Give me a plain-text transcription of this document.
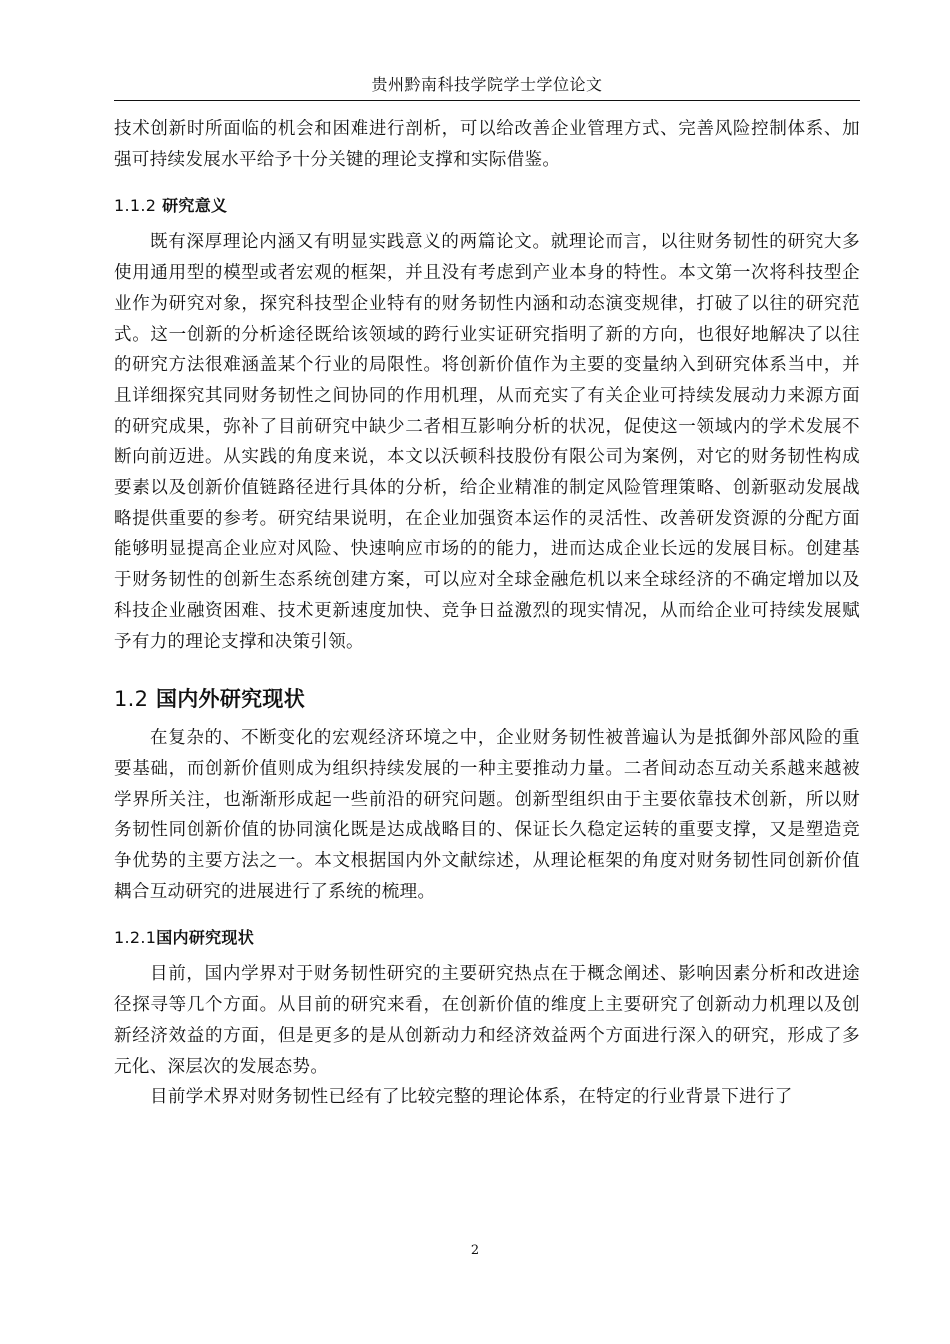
贵州黔南科技学院学士学位论文

技术创新时所面临的机会和困难进行剖析，可以给改善企业管理方式、完善风险控制体系、加强可持续发展水平给予十分关键的理论支撑和实际借鉴。

1.1.2 研究意义

既有深厚理论内涵又有明显实践意义的两篇论文。就理论而言，以往财务韧性的研究大多使用通用型的模型或者宏观的框架，并且没有考虑到产业本身的特性。本文第一次将科技型企业作为研究对象，探究科技型企业特有的财务韧性内涵和动态演变规律，打破了以往的研究范式。这一创新的分析途径既给该领域的跨行业实证研究指明了新的方向，也很好地解决了以往的研究方法很难涵盖某个行业的局限性。将创新价值作为主要的变量纳入到研究体系当中，并且详细探究其同财务韧性之间协同的作用机理，从而充实了有关企业可持续发展动力来源方面的研究成果，弥补了目前研究中缺少二者相互影响分析的状况，促使这一领域内的学术发展不断向前迈进。从实践的角度来说，本文以沃顿科技股份有限公司为案例，对它的财务韧性构成要素以及创新价值链路径进行具体的分析，给企业精准的制定风险管理策略、创新驱动发展战略提供重要的参考。研究结果说明，在企业加强资本运作的灵活性、改善研发资源的分配方面能够明显提高企业应对风险、快速响应市场的的能力，进而达成企业长远的发展目标。创建基于财务韧性的创新生态系统创建方案，可以应对全球金融危机以来全球经济的不确定增加以及科技企业融资困难、技术更新速度加快、竞争日益激烈的现实情况，从而给企业可持续发展赋予有力的理论支撑和决策引领。

1.2 国内外研究现状

在复杂的、不断变化的宏观经济环境之中，企业财务韧性被普遍认为是抵御外部风险的重要基础，而创新价值则成为组织持续发展的一种主要推动力量。二者间动态互动关系越来越被学界所关注，也渐渐形成起一些前沿的研究问题。创新型组织由于主要依靠技术创新，所以财务韧性同创新价值的协同演化既是达成战略目的、保证长久稳定运转的重要支撑，又是塑造竞争优势的主要方法之一。本文根据国内外文献综述，从理论框架的角度对财务韧性同创新价值耦合互动研究的进展进行了系统的梳理。

1.2.1国内研究现状

目前，国内学界对于财务韧性研究的主要研究热点在于概念阐述、影响因素分析和改进途径探寻等几个方面。从目前的研究来看，在创新价值的维度上主要研究了创新动力机理以及创新经济效益的方面，但是更多的是从创新动力和经济效益两个方面进行深入的研究，形成了多元化、深层次的发展态势。

目前学术界对财务韧性已经有了比较完整的理论体系，在特定的行业背景下进行了

2
